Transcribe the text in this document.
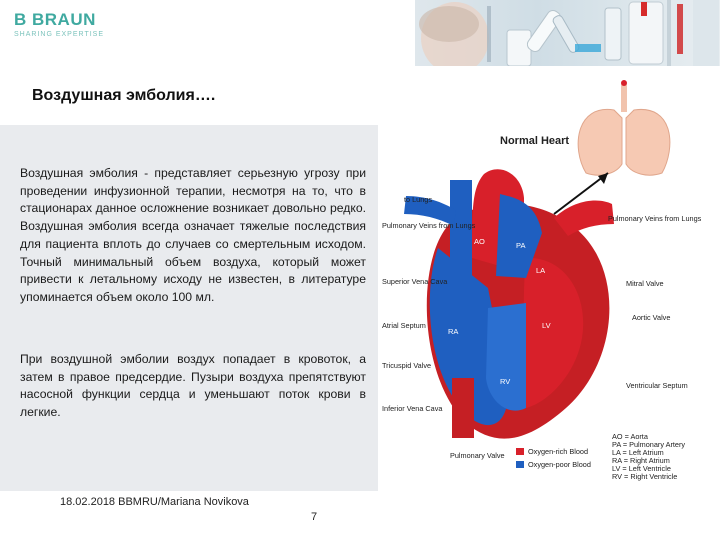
B BRAUN
SHARING EXPERTISE
Воздушная эмболия….

Воздушная эмболия - представляет серьезную угрозу при проведении инфузионной терапии, несмотря на то, что в стационарах данное осложнение возникает довольно редко. Воздушная эмболия всегда означает тяжелые последствия для пациента вплоть до случаев со смертельным исходом. Точный минимальный объем воздуха, который может привести к летальному исходу не известен, в литературе упоминается объем около 100 мл.

При воздушной эмболии воздух попадает в кровоток, а затем в правое предсердие. Пузыри воздуха препятствуют насосной функции сердца и уменьшают поток крови в легкие.

18.02.2018 BBMRU/Mariana Novikova
7
Normal Heart
to Lungs
Pulmonary Veins from Lungs
Superior Vena Cava
Atrial Septum
Tricuspid Valve
Inferior Vena Cava
Pulmonary Valve
Pulmonary Veins from Lungs
Mitral Valve
Aortic Valve
Ventricular Septum
AO	PA
LA
LV
RA
RV
Oxygen-rich Blood
Oxygen-poor Blood
AO = Aorta
PA = Pulmonary Artery
LA = Left Atrium
RA = Right Atrium
LV = Left Ventricle
RV = Right Ventricle
